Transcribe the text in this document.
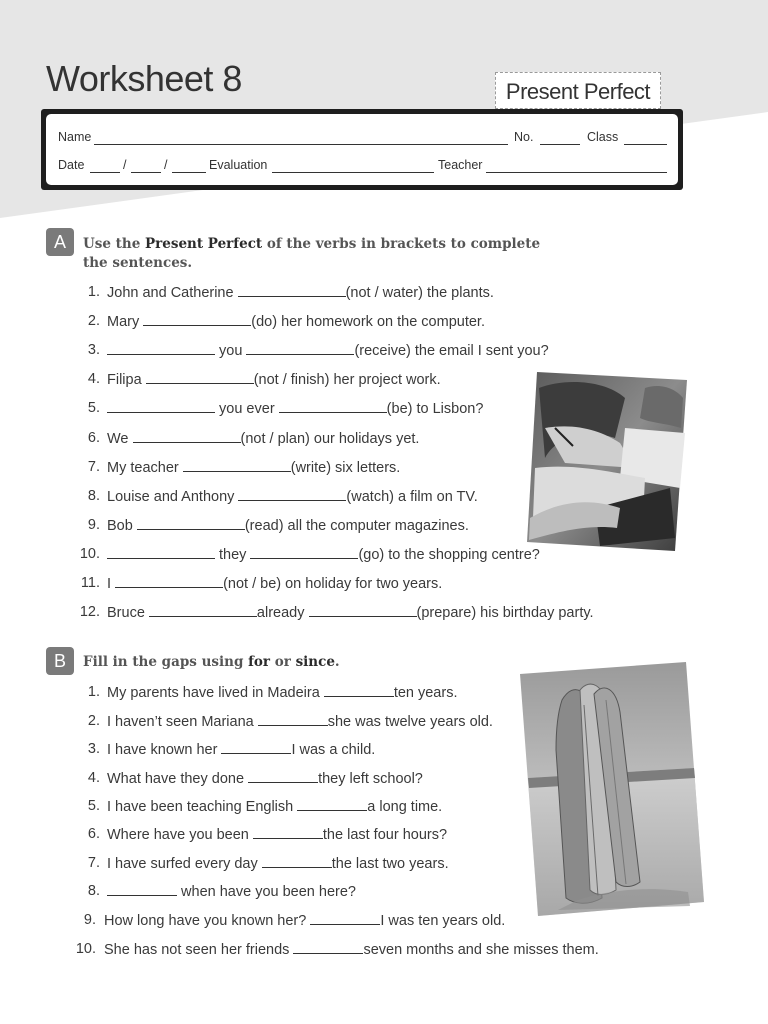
Worksheet 8	Present Perfect
Name	No.	Class
Date	/	/	Evaluation	Teacher
A	Use the Present Perfect of the verbs in brackets to complete
the sentences.
1. John and Catherine	(not / water) the plants.
2. Mary	(do) her homework on the computer.
3.	you	(receive) the email I sent you?
4. Filipa	(not / finish) her project work.
5.	you ever	(be) to Lisbon?
6. We	(not / plan) our holidays yet.
7. My teacher	(write) six letters.
8. Louise and Anthony	(watch) a film on TV.
9. Bob	(read) all the computer magazines.
10.	they	(go) to the shopping centre?
11. I	(not / be) on holiday for two years.
12. Bruce	already	(prepare) his birthday party.
B	Fill in the gaps using for or since.
1. My parents have lived in Madeira	ten years.
2. I haven’t seen Mariana	she was twelve years old.
3. I have known her	I was a child.
4. What have they done	they left school?
5. I have been teaching English	a long time.
6. Where have you been	the last four hours?
7. I have surfed every day	the last two years.
8.	when have you been here?
9. How long have you known her?	I was ten years old.
10. She has not seen her friends	seven months and she misses them.
